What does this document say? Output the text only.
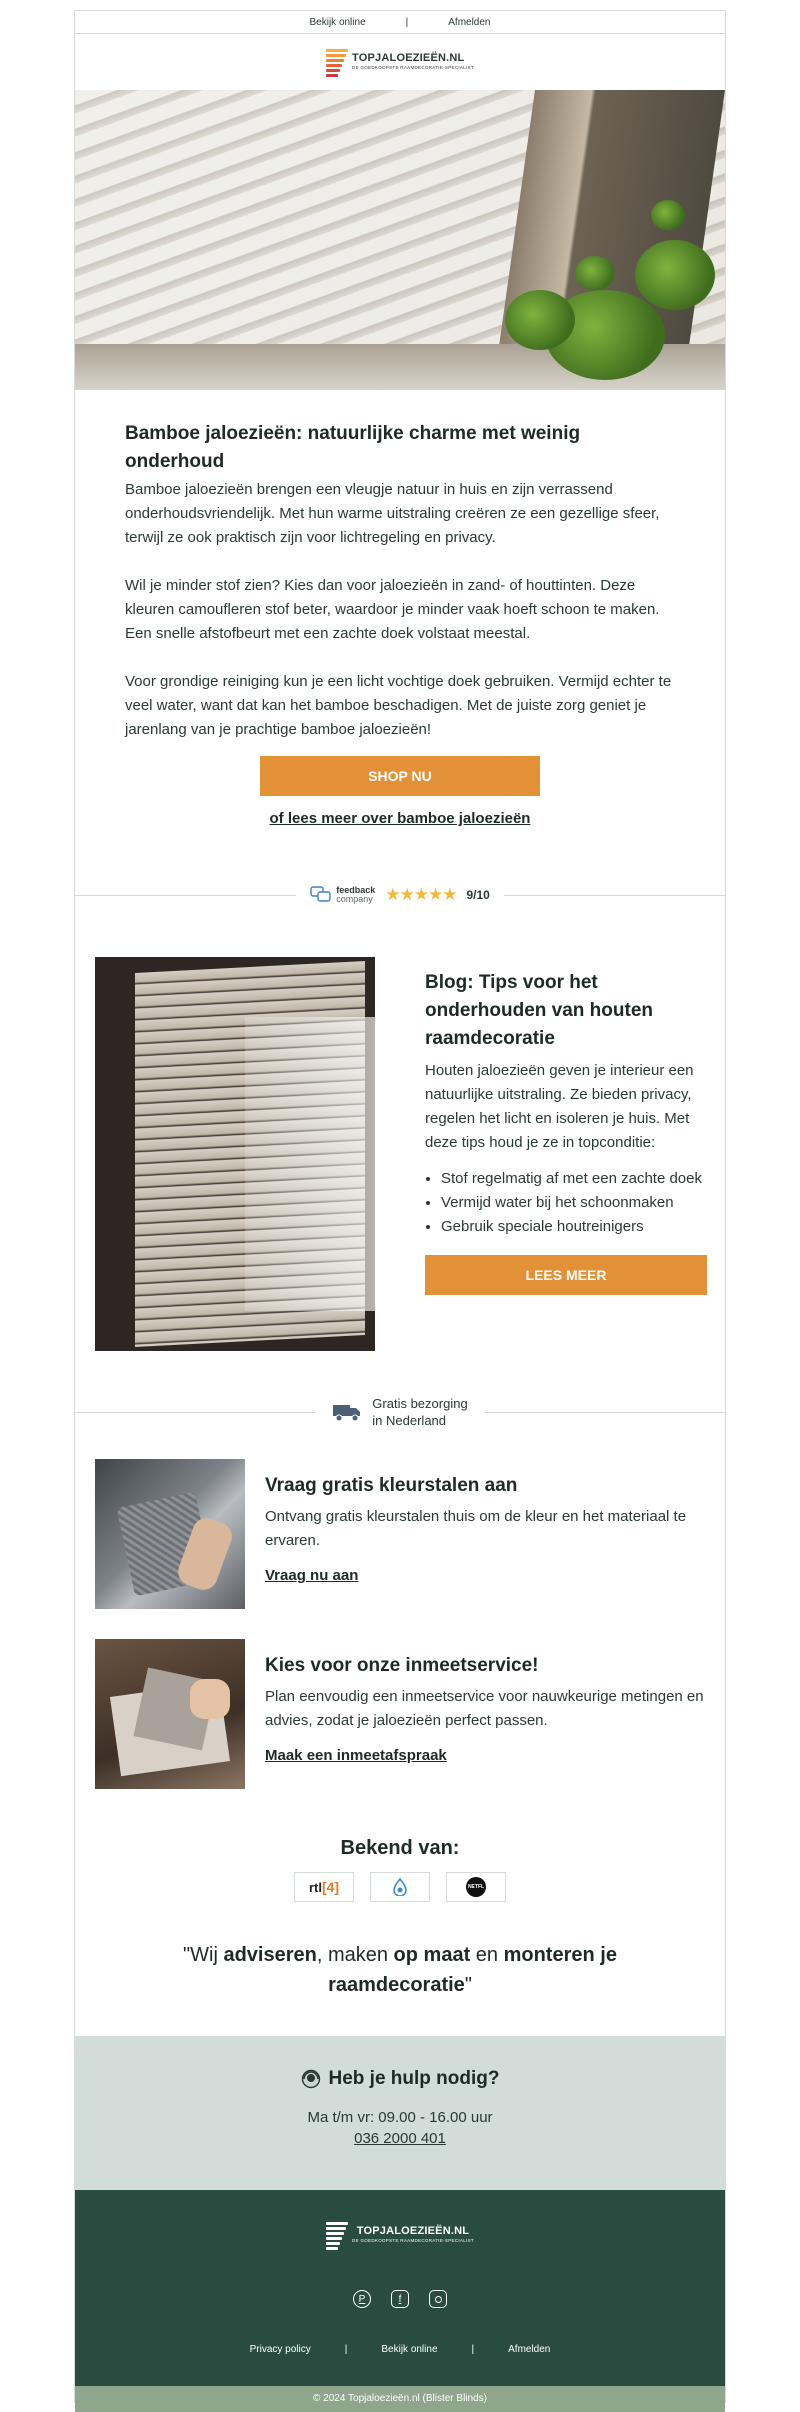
Bekijk online	|	Afmelden
TOPJALOEZIEËN.NL
DE GOEDKOOPSTE RAAMDECORATIE-SPECIALIST
Bamboe jaloezieën: natuurlijke charme met weinig onderhoud

Bamboe jaloezieën brengen een vleugje natuur in huis en zijn verrassend onderhoudsvriendelijk. Met hun warme uitstraling creëren ze een gezellige sfeer, terwijl ze ook praktisch zijn voor lichtregeling en privacy.

Wil je minder stof zien? Kies dan voor jaloezieën in zand- of houttinten. Deze kleuren camoufleren stof beter, waardoor je minder vaak hoeft schoon te maken. Een snelle afstofbeurt met een zachte doek volstaat meestal.

Voor grondige reiniging kun je een licht vochtige doek gebruiken. Vermijd echter te veel water, want dat kan het bamboe beschadigen. Met de juiste zorg geniet je jarenlang van je prachtige bamboe jaloezieën!

SHOP NU
of lees meer over bamboe jaloezieën
feedback
company ★★★★★ 9/10
Blog: Tips voor het onderhouden van houten raamdecoratie

Houten jaloezieën geven je interieur een natuurlijke uitstraling. Ze bieden privacy, regelen het licht en isoleren je huis. Met deze tips houd je ze in topconditie:

• Stof regelmatig af met een zachte doek
• Vermijd water bij het schoonmaken
• Gebruik speciale houtreinigers
LEES MEER
Gratis bezorging
in Nederland
Vraag gratis kleurstalen aan

Ontvang gratis kleurstalen thuis om de kleur en het materiaal te ervaren.

Vraag nu aan
Kies voor onze inmeetservice!

Plan eenvoudig een inmeetservice voor nauwkeurige metingen en advies, zodat je jaloezieën perfect passen.

Maak een inmeetafspraak
Bekend van:
rtl [4]	NETFL
"Wij adviseren, maken op maat en monteren je raamdecoratie"
Heb je hulp nodig?
Ma t/m vr: 09.00 - 16.00 uur
036 2000 401
TOPJALOEZIEËN.NL
DE GOEDKOOPSTE RAAMDECORATIE-SPECIALIST
P	f
Privacy policy	|	Bekijk online	|	Afmelden
© 2024 Topjaloezieën.nl (Blister Blinds)
